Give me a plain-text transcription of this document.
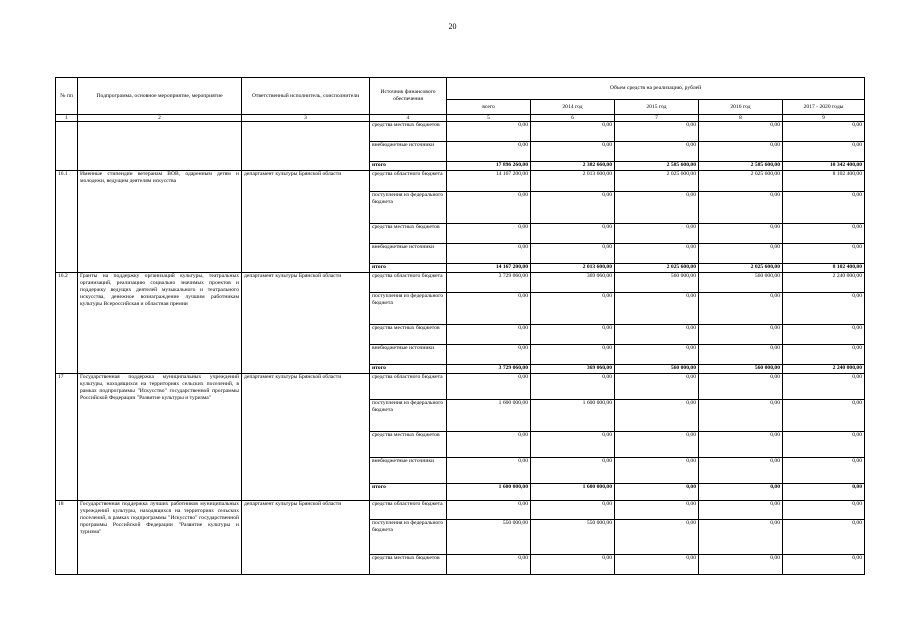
20
№ пп	Подпрограмма, основное мероприятие, мероприятие	Ответственный исполнитель, соисполнители	Источник финансового обеспечения	Объем средств на реализацию, рублей				
				всего	2014 год	2015 год	2016 год	2017 - 2020 годы
1	2	3	4	5	6	7	8	9
			средства местных бюджетов	0,00	0,00	0,00	0,00	0,00
			внебюджетные источники	0,00	0,00	0,00	0,00	0,00
			итого	17 896 260,00	2 382 660,00	2 585 600,00	2 585 600,00	10 342 400,00
16.1	Именные стипендии ветеранам ВОВ, одаренным детям и молодежи, ведущим деятелям искусства	департамент культуры Брянской области	средства областного бюджета	14 167 200,00	2 013 600,00	2 025 600,00	2 025 600,00	8 102 400,00
			поступления из федерального бюджета	0,00	0,00	0,00	0,00	0,00
			средства местных бюджетов	0,00	0,00	0,00	0,00	0,00
			внебюджетные источники	0,00	0,00	0,00	0,00	0,00
			итого	14 167 200,00	2 013 600,00	2 025 600,00	2 025 600,00	8 102 400,00
16.2	Гранты на поддержку организаций культуры, театральных организаций, реализацию социально значимых проектов и поддержку ведущих деятелей музыкального и театрального искусства, денежное вознаграждение лучшим работникам культуры Всероссийская и областная премии	департамент культуры Брянской области	средства областного бюджета	3 729 060,00	369 060,00	560 000,00	560 000,00	2 240 000,00
			поступления из федерального бюджета	0,00	0,00	0,00	0,00	0,00
			средства местных бюджетов	0,00	0,00	0,00	0,00	0,00
			внебюджетные источники	0,00	0,00	0,00	0,00	0,00
			итого	3 729 060,00	369 060,00	560 000,00	560 000,00	2 240 000,00
17	Государственная поддержка муниципальных учреждений культуры, находящихся на территориях сельских поселений, в рамках подпрограммы "Искусство" государственной программы Российской Федерации "Развитие культуры и туризма"	департамент культуры Брянской области	средства областного бюджета	0,00	0,00	0,00	0,00	0,00
			поступления из федерального бюджета	1 600 000,00	1 600 000,00	0,00	0,00	0,00
			средства местных бюджетов	0,00	0,00	0,00	0,00	0,00
			внебюджетные источники	0,00	0,00	0,00	0,00	0,00
			итого	1 600 000,00	1 600 000,00	0,00	0,00	0,00
18	Государственная поддержка лучших работников муниципальных учреждений культуры, находящихся на территориях сельских поселений, в рамках подпрограммы "Искусство" государственной программы Российской Федерации "Развитие культуры и туризма"	департамент культуры Брянской области	средства областного бюджета	0,00	0,00	0,00	0,00	0,00
			поступления из федерального бюджета	550 000,00	550 000,00	0,00	0,00	0,00
			средства местных бюджетов	0,00	0,00	0,00	0,00	0,00
